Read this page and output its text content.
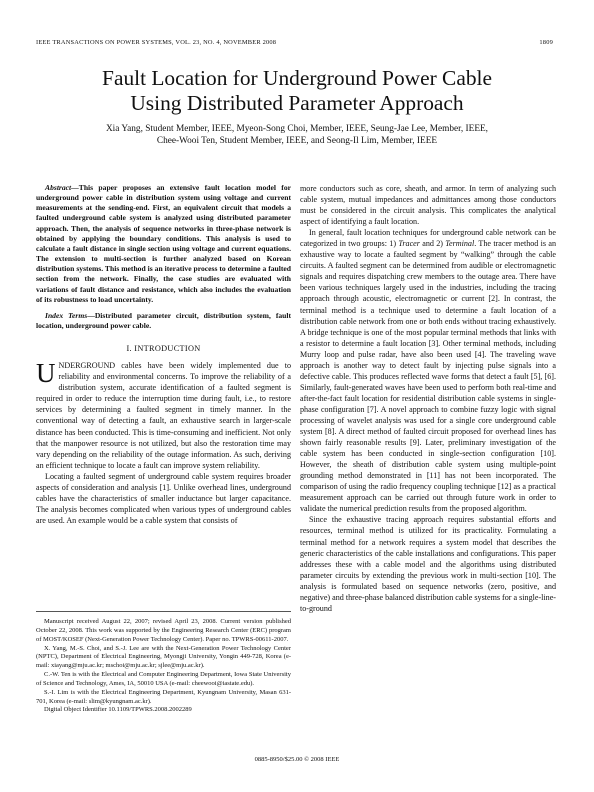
IEEE TRANSACTIONS ON POWER SYSTEMS, VOL. 23, NO. 4, NOVEMBER 2008	1809
Fault Location for Underground Power Cable
Using Distributed Parameter Approach
Xia Yang, Student Member, IEEE, Myeon-Song Choi, Member, IEEE, Seung-Jae Lee, Member, IEEE,
Chee-Wooi Ten, Student Member, IEEE, and Seong-Il Lim, Member, IEEE

Abstract—This paper proposes an extensive fault location model for underground power cable in distribution system using voltage and current measurements at the sending-end. First, an equivalent circuit that models a faulted underground cable system is analyzed using distributed parameter approach. Then, the analysis of sequence networks in three-phase network is obtained by applying the boundary conditions. This analysis is used to calculate a fault distance in single section using voltage and current equations. The extension to multi-section is further analyzed based on Korean distribution systems. This method is an iterative process to determine a faulted section from the network. Finally, the case studies are evaluated with variations of fault distance and resistance, which also includes the evaluation of its robustness to load uncertainty.

Index Terms—Distributed parameter circuit, distribution system, fault location, underground power cable.

I. INTRODUCTION

UNDERGROUND cables have been widely implemented due to reliability and environmental concerns. To improve the reliability of a distribution system, accurate identification of a faulted segment is required in order to reduce the interruption time during fault, i.e., to restore services by determining a faulted segment in timely manner. In the conventional way of detecting a fault, an exhaustive search in larger-scale distance has been conducted. This is time-consuming and inefficient. Not only that the manpower resource is not utilized, but also the restoration time may vary depending on the reliability of the outage information. As such, deriving an efficient technique to locate a fault can improve system reliability.

Locating a faulted segment of underground cable system requires broader aspects of consideration and analysis [1]. Unlike overhead lines, underground cables have the characteristics of smaller inductance but larger capacitance. The analysis becomes complicated when various types of underground cables are used. An example would be a cable system that consists of

Manuscript received August 22, 2007; revised April 23, 2008. Current version published October 22, 2008. This work was supported by the Engineering Research Center (ERC) program of MOST/KOSEF (Next-Generation Power Technology Center). Paper no. TPWRS-00611-2007.

X. Yang, M.-S. Choi, and S.-J. Lee are with the Next-Generation Power Technology Center (NPTC), Department of Electrical Engineering, Myongji University, Yongin 449-728, Korea (e-mail: xiayang@mju.ac.kr; mschoi@mju.ac.kr; sjlee@mju.ac.kr).

C.-W. Ten is with the Electrical and Computer Engineering Department, Iowa State University of Science and Technology, Ames, IA, 50010 USA (e-mail: cheewooi@iastate.edu).

S.-I. Lim is with the Electrical Engineering Department, Kyungnam University, Masan 631-701, Korea (e-mail: slim@kyungnam.ac.kr).

Digital Object Identifier 10.1109/TPWRS.2008.2002289

more conductors such as core, sheath, and armor. In term of analyzing such cable system, mutual impedances and admittances among those conductors must be considered in the circuit analysis. This complicates the analytical aspect of identifying a fault location.

In general, fault location techniques for underground cable network can be categorized in two groups: 1) Tracer and 2) Terminal. The tracer method is an exhaustive way to locate a faulted segment by “walking” through the cable circuits. A faulted segment can be determined from audible or electromagnetic signals and requires dispatching crew members to the outage area. There have been various techniques largely used in the industries, including the tracing approach through acoustic, electromagnetic or current [2]. In contrast, the terminal method is a technique used to determine a fault location of a distribution cable network from one or both ends without tracing exhaustively. A bridge technique is one of the most popular terminal methods that links with a resistor to determine a fault location [3]. Other terminal methods, including Murry loop and pulse radar, have also been used [4]. The traveling wave approach is another way to detect fault by injecting pulse signals into a defective cable. This produces reflected wave forms that detect a fault [5], [6]. Similarly, fault-generated waves have been used to perform both real-time and after-the-fact fault location for residential distribution cable systems in single-phase configuration [7]. A novel approach to combine fuzzy logic with signal processing of wavelet analysis was used for a single core underground cable system [8]. A direct method of faulted circuit proposed for overhead lines has shown fairly reasonable results [9]. Later, preliminary investigation of the cable system has been conducted in single-section configuration [10]. However, the sheath of distribution cable system using multiple-point grounding method demonstrated in [11] has not been incorporated. The comparison of using the radio frequency coupling technique [12] as a practical measurement approach can be carried out through future work in order to validate the numerical prediction results from the proposed algorithm.

Since the exhaustive tracing approach requires substantial efforts and resources, terminal method is utilized for its practicality. Formulating a terminal method for a network requires a system model that describes the generic characteristics of the cable installations and configurations. This paper addresses these with a cable model and the algorithms using distributed parameter circuits by extending the previous work in multi-section [10]. The analysis is formulated based on sequence networks (zero, positive, and negative) and three-phase balanced distribution cable systems for a single-line-to-ground

0885-8950/$25.00 © 2008 IEEE
